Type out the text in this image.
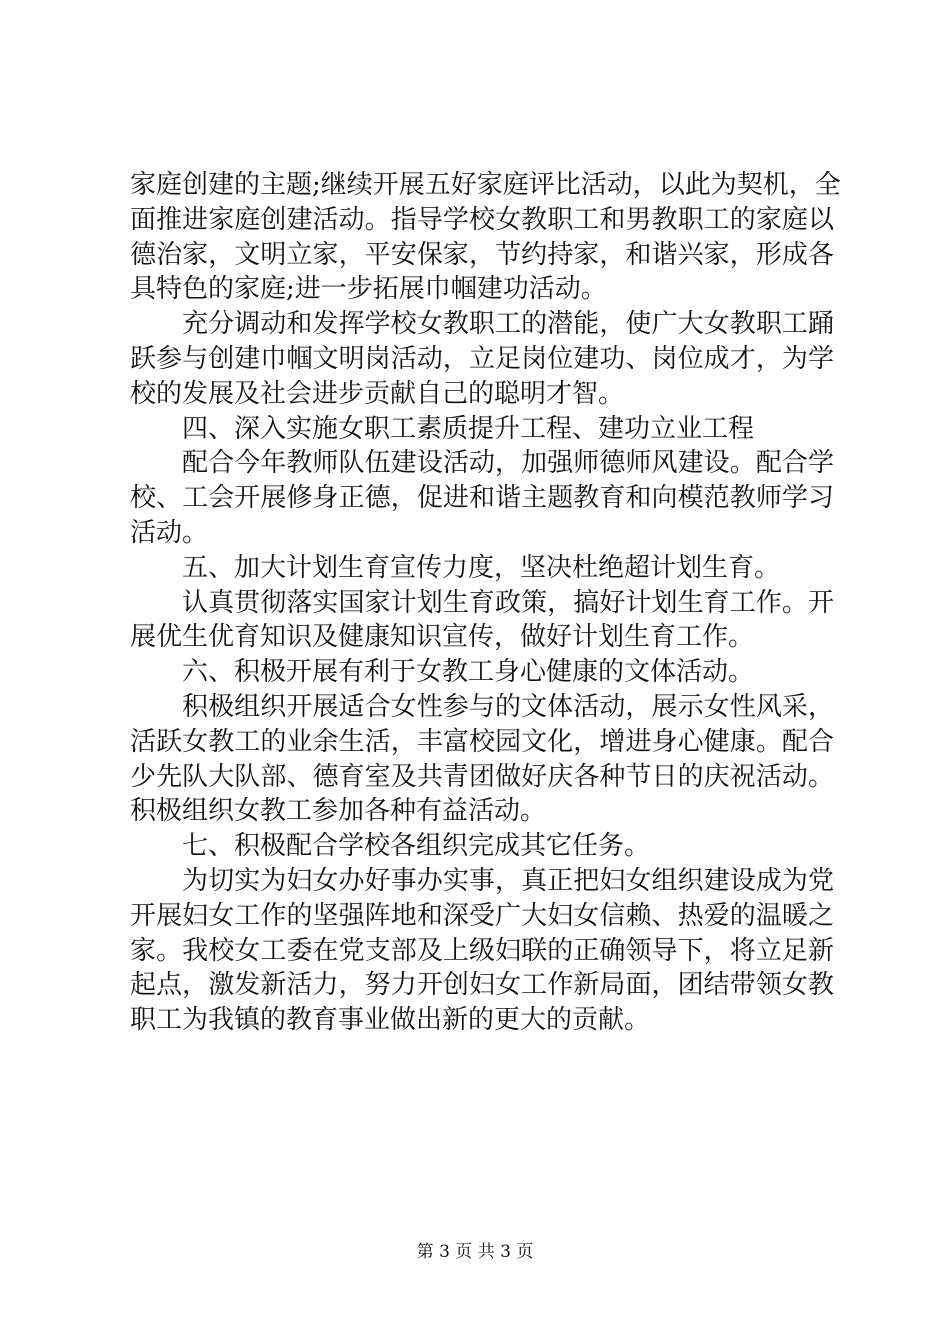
家庭创建的主题;继续开展五好家庭评比活动，以此为契机，全
面推进家庭创建活动。指导学校女教职工和男教职工的家庭以
德治家，文明立家，平安保家，节约持家，和谐兴家，形成各
具特色的家庭;进一步拓展巾帼建功活动。
充分调动和发挥学校女教职工的潜能，使广大女教职工踊
跃参与创建巾帼文明岗活动，立足岗位建功、岗位成才，为学
校的发展及社会进步贡献自己的聪明才智。
四、深入实施女职工素质提升工程、建功立业工程
配合今年教师队伍建设活动，加强师德师风建设。配合学
校、工会开展修身正德，促进和谐主题教育和向模范教师学习
活动。
五、加大计划生育宣传力度，坚决杜绝超计划生育。
认真贯彻落实国家计划生育政策，搞好计划生育工作。开
展优生优育知识及健康知识宣传，做好计划生育工作。
六、积极开展有利于女教工身心健康的文体活动。
积极组织开展适合女性参与的文体活动，展示女性风采，
活跃女教工的业余生活，丰富校园文化，增进身心健康。配合
少先队大队部、德育室及共青团做好庆各种节日的庆祝活动。
积极组织女教工参加各种有益活动。
七、积极配合学校各组织完成其它任务。
为切实为妇女办好事办实事，真正把妇女组织建设成为党
开展妇女工作的坚强阵地和深受广大妇女信赖、热爱的温暖之
家。我校女工委在党支部及上级妇联的正确领导下，将立足新
起点，激发新活力，努力开创妇女工作新局面，团结带领女教
职工为我镇的教育事业做出新的更大的贡献。
第 3 页 共 3 页
